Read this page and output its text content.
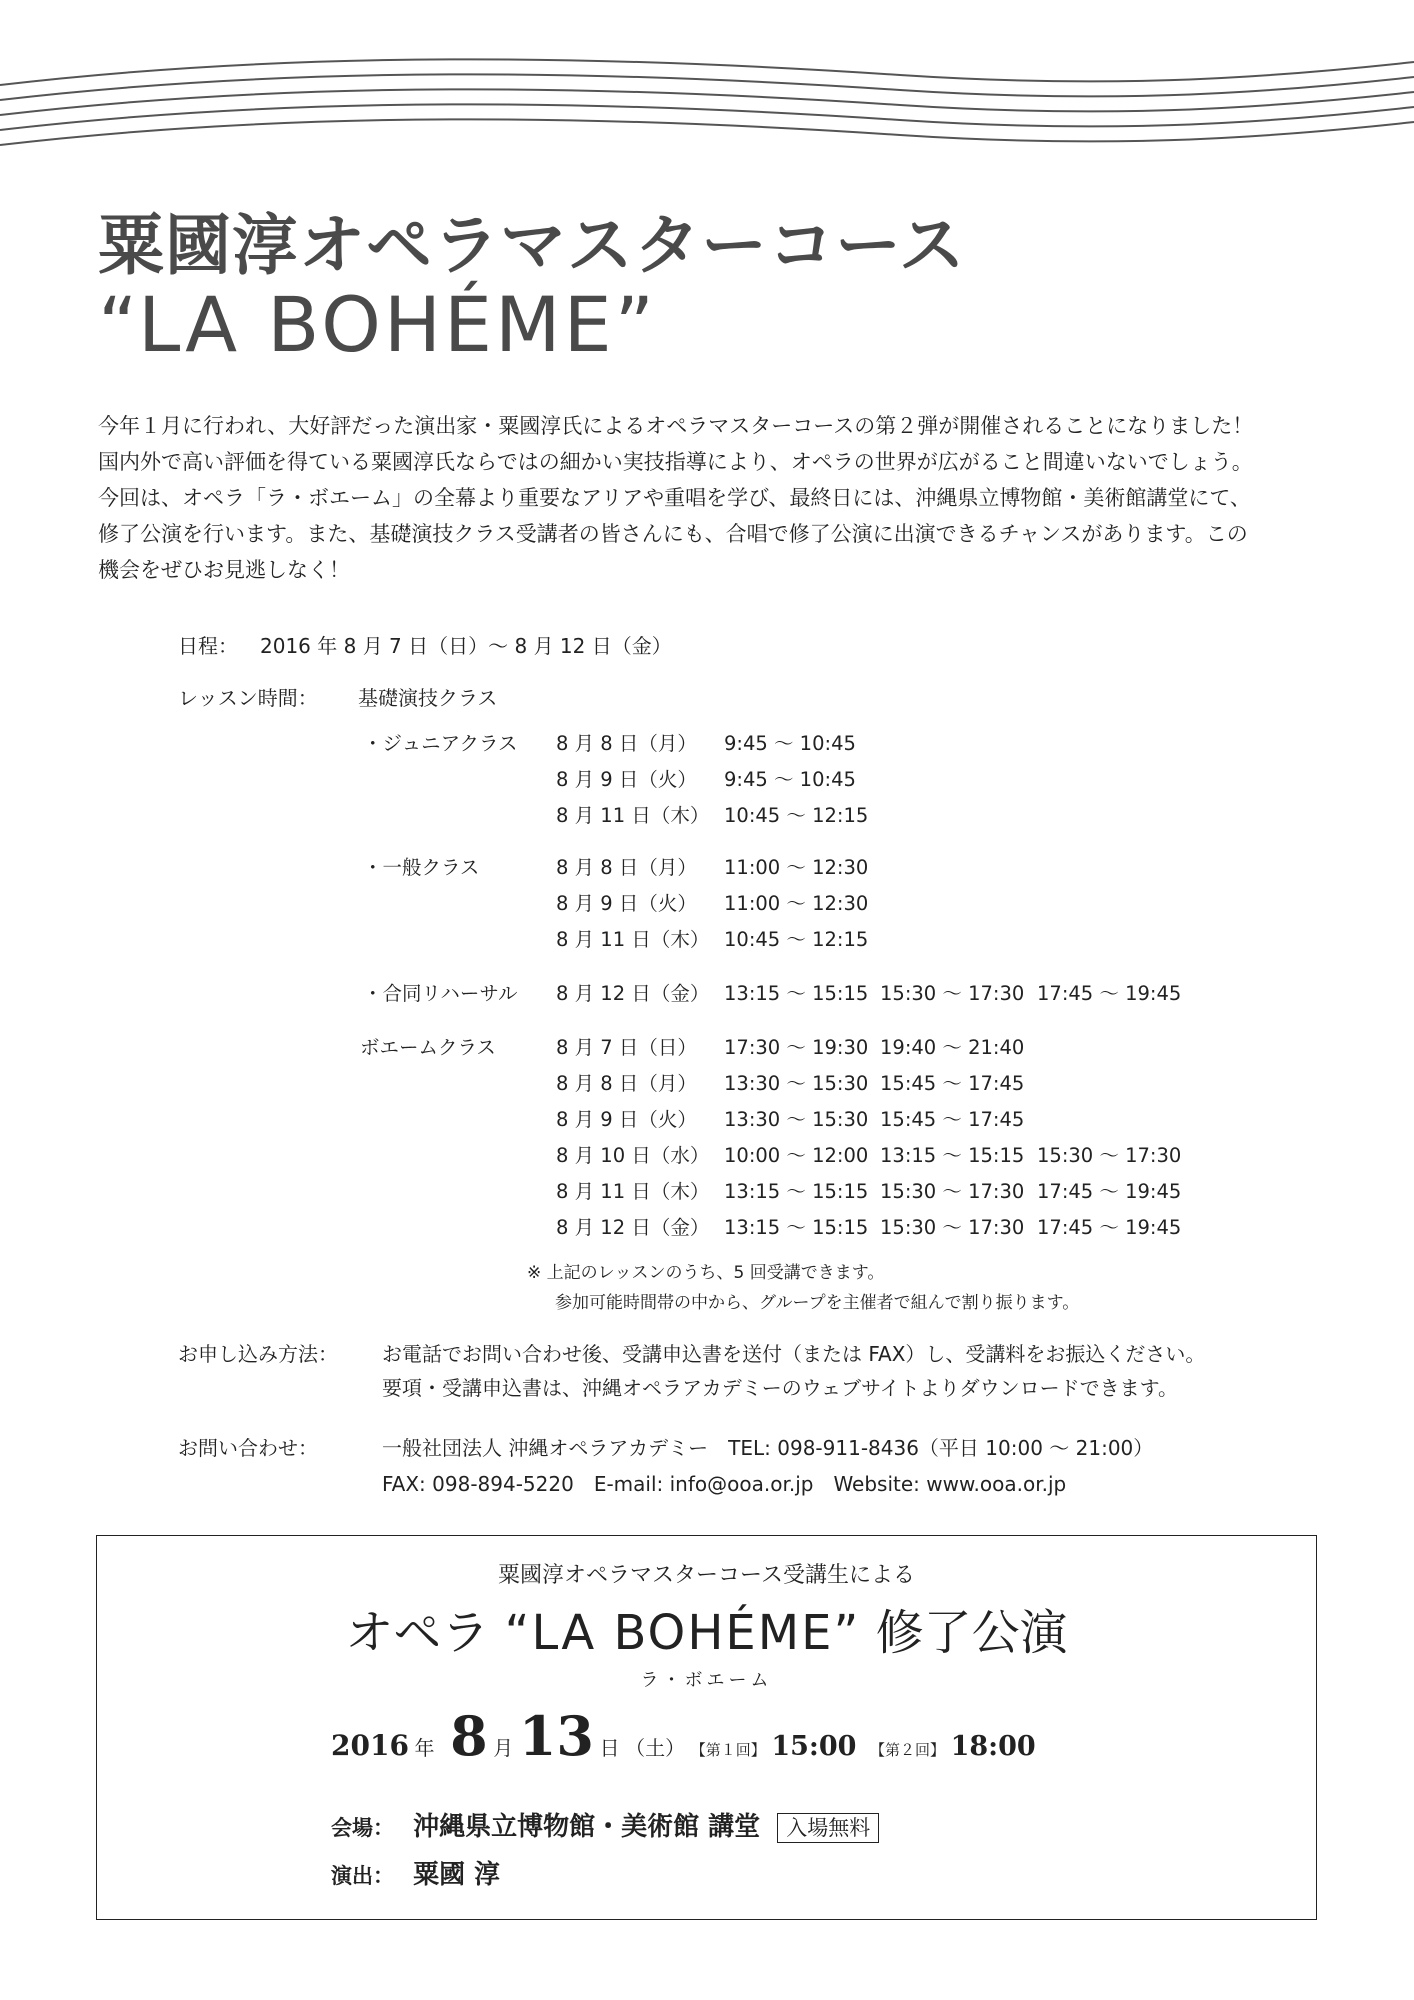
粟國淳オペラマスターコース
“LA BOHÉME”

今年１月に行われ、大好評だった演出家・粟國淳氏によるオペラマスターコースの第２弾が開催されることになりました！

国内外で高い評価を得ている粟國淳氏ならではの細かい実技指導により、オペラの世界が広がること間違いないでしょう。

今回は、オペラ「ラ・ボエーム」の全幕より重要なアリアや重唱を学び、最終日には、沖縄県立博物館・美術館講堂にて、

修了公演を行います。また、基礎演技クラス受講者の皆さんにも、合唱で修了公演に出演できるチャンスがあります。この

機会をぜひお見逃しなく！

日程： 2016 年 8 月 7 日（日）〜 8 月 12 日（金）
レッスン時間： 基礎演技クラス
・ジュニアクラス
・一般クラス
・合同リハーサル
ボエームクラス
8 月 8 日（月） 9:45 〜 10:45
8 月 9 日（火） 9:45 〜 10:45
8 月 11 日（木） 10:45 〜 12:15
8 月 8 日（月） 11:00 〜 12:30
8 月 9 日（火） 11:00 〜 12:30
8 月 11 日（木） 10:45 〜 12:15
8 月 12 日（金） 13:15 〜 15:15 15:30 〜 17:30 17:45 〜 19:45
8 月 7 日（日） 17:30 〜 19:30 19:40 〜 21:40
8 月 8 日（月） 13:30 〜 15:30 15:45 〜 17:45
8 月 9 日（火） 13:30 〜 15:30 15:45 〜 17:45
8 月 10 日（水） 10:00 〜 12:00 13:15 〜 15:15 15:30 〜 17:30
8 月 11 日（木） 13:15 〜 15:15 15:30 〜 17:30 17:45 〜 19:45
8 月 12 日（金） 13:15 〜 15:15 15:30 〜 17:30 17:45 〜 19:45
※ 上記のレッスンのうち、5 回受講できます。
参加可能時間帯の中から、グループを主催者で組んで割り振ります。
お申し込み方法： お電話でお問い合わせ後、受講申込書を送付（または FAX）し、受講料をお振込ください。
要項・受講申込書は、沖縄オペラアカデミーのウェブサイトよりダウンロードできます。
お問い合わせ：	一般社団法人 沖縄オペラアカデミー　TEL: 098-911-8436（平日 10:00 〜 21:00）
FAX: 098-894-5220　E-mail: info@ooa.or.jp　Website: www.ooa.or.jp
粟國淳オペラマスターコース受講生による
オペラ “LA BOHÉME” 修了公演
ラ・ボエーム
2016 年 8 月 13 日 （土） 【第１回】 15:00 【第２回】 18:00
会場： 沖縄県立博物館・美術館 講堂 入場無料
演出： 粟國 淳
